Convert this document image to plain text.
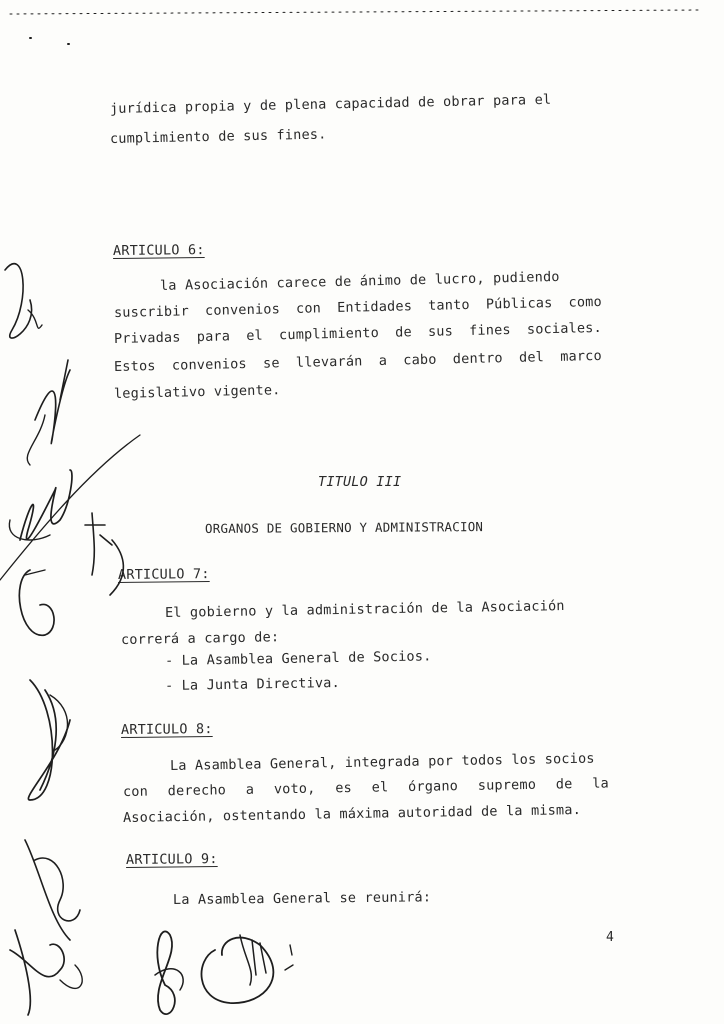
jurídica propia y de plena capacidad de obrar para el
cumplimiento de sus fines.
ARTICULO 6:
la Asociación carece de ánimo de lucro, pudiendo
suscribir convenios con Entidades tanto Públicas como
Privadas para el cumplimiento de sus fines sociales.
Estos convenios se llevarán a cabo dentro del marco
legislativo vigente.
TITULO III
ORGANOS DE GOBIERNO Y ADMINISTRACION
ARTICULO 7:
El gobierno y la administración de la Asociación
correrá a cargo de:
- La Asamblea General de Socios.
- La Junta Directiva.
ARTICULO 8:
La Asamblea General, integrada por todos los socios
con derecho a voto, es el órgano supremo de la
Asociación, ostentando la máxima autoridad de la misma.
ARTICULO 9:
La Asamblea General se reunirá:
4
